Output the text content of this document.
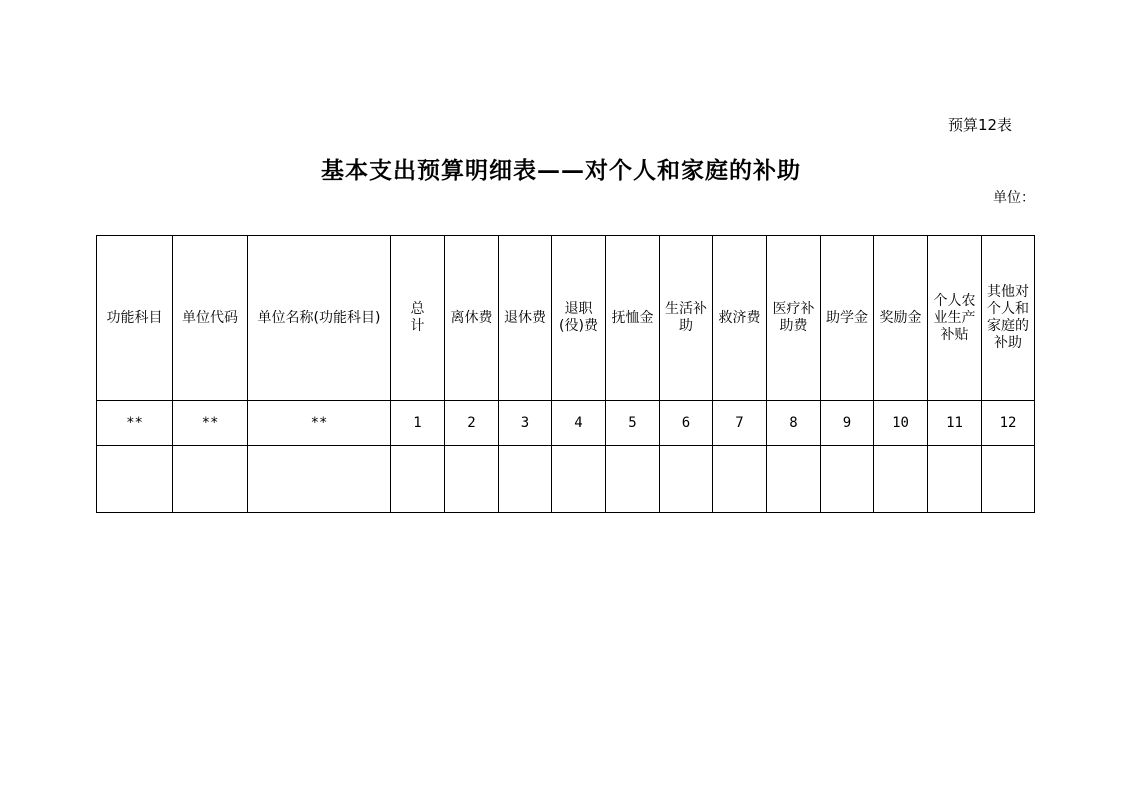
预算12表
基本支出预算明细表——对个人和家庭的补助
单位：
功能科目	单位代码	单位名称(功能科目)	总计	离休费	退休费	退职(役)费	抚恤金	生活补助	救济费	医疗补助费	助学金	奖励金	个人农业生产补贴	其他对个人和家庭的补助
**	**	**	1	2	3	4	5	6	7	8	9	10	11	12
